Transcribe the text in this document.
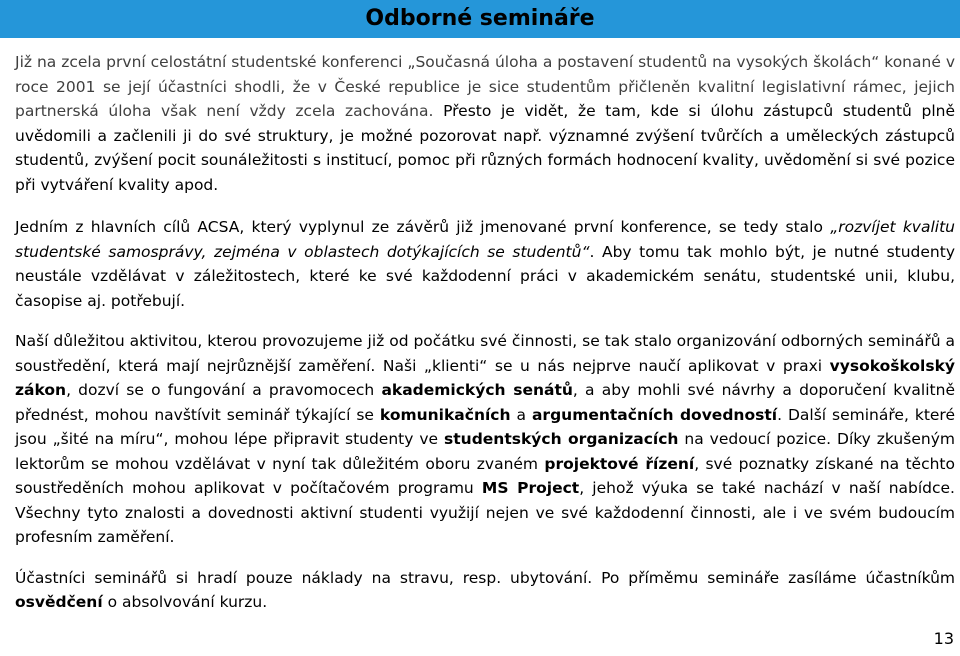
Odborné semináře

Již na zcela první celostátní studentské konferenci „Současná úloha a postavení studentů na vysokých školách“ konané v roce 2001 se její účastníci shodli, že v České republice je sice studentům přičleněn kvalitní legislativní rámec, jejich partnerská úloha však není vždy zcela zachována. Přesto je vidět, že tam, kde si úlohu zástupců studentů plně uvědomili a začlenili ji do své struktury, je možné pozorovat např. významné zvýšení tvůrčích a uměleckých zástupců studentů, zvýšení pocit sounáležitosti s institucí, pomoc při různých formách hodnocení kvality, uvědomění si své pozice při vytváření kvality apod.

Jedním z hlavních cílů ACSA, který vyplynul ze závěrů již jmenované první konference, se tedy stalo „rozvíjet kvalitu studentské samosprávy, zejména v oblastech dotýkajících se studentů“. Aby tomu tak mohlo být, je nutné studenty neustále vzdělávat v záležitostech, které ke své každodenní práci v akademickém senátu, studentské unii, klubu, časopise aj. potřebují.

Naší důležitou aktivitou, kterou provozujeme již od počátku své činnosti, se tak stalo organizování odborných seminářů a soustředění, která mají nejrůznější zaměření. Naši „klienti“ se u nás nejprve naučí aplikovat v praxi vysokoškolský zákon, dozví se o fungování a pravomocech akademických senátů, a aby mohli své návrhy a doporučení kvalitně přednést, mohou navštívit seminář týkající se komunikačních a argumentačních dovedností. Další semináře, které jsou „šité na míru“, mohou lépe připravit studenty ve studentských organizacích na vedoucí pozice. Díky zkušeným lektorům se mohou vzdělávat v nyní tak důležitém oboru zvaném projektové řízení, své poznatky získané na těchto soustředěních mohou aplikovat v počítačovém programu MS Project, jehož výuka se také nachází v naší nabídce. Všechny tyto znalosti a dovednosti aktivní studenti využijí nejen ve své každodenní činnosti, ale i ve svém budoucím profesním zaměření.

Účastníci seminářů si hradí pouze náklady na stravu, resp. ubytování. Po příměmu semináře zasíláme účastníkům osvědčení o absolvování kurzu.

13
